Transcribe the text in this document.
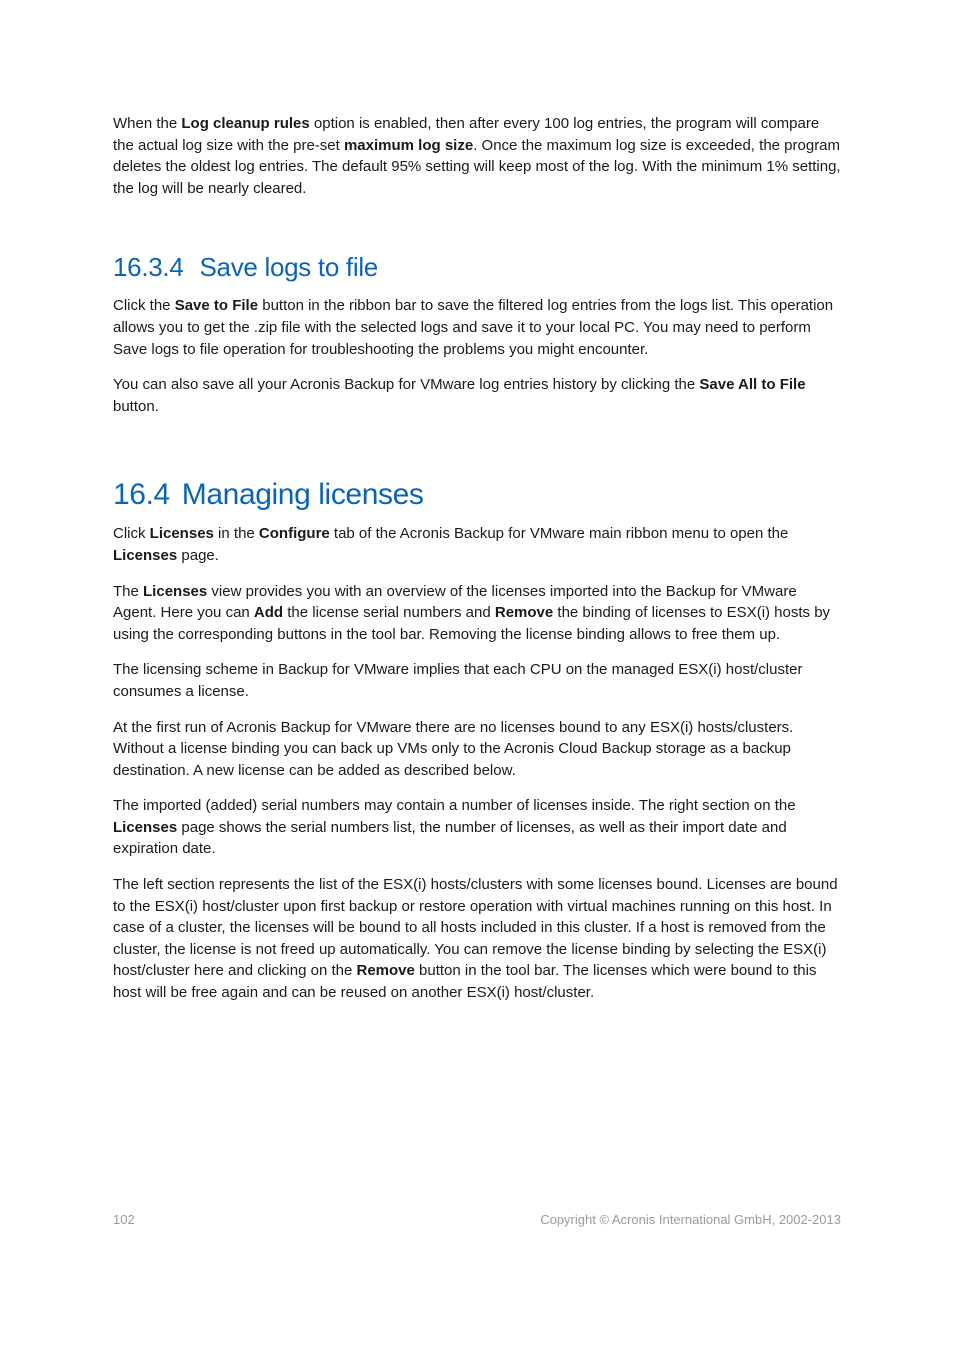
When the Log cleanup rules option is enabled, then after every 100 log entries, the program will compare the actual log size with the pre-set maximum log size. Once the maximum log size is exceeded, the program deletes the oldest log entries. The default 95% setting will keep most of the log. With the minimum 1% setting, the log will be nearly cleared.

16.3.4 Save logs to file

Click the Save to File button in the ribbon bar to save the filtered log entries from the logs list. This operation allows you to get the .zip file with the selected logs and save it to your local PC. You may need to perform Save logs to file operation for troubleshooting the problems you might encounter.

You can also save all your Acronis Backup for VMware log entries history by clicking the Save All to File button.

16.4 Managing licenses

Click Licenses in the Configure tab of the Acronis Backup for VMware main ribbon menu to open the Licenses page.

The Licenses view provides you with an overview of the licenses imported into the Backup for VMware Agent. Here you can Add the license serial numbers and Remove the binding of licenses to ESX(i) hosts by using the corresponding buttons in the tool bar. Removing the license binding allows to free them up.

The licensing scheme in Backup for VMware implies that each CPU on the managed ESX(i) host/cluster consumes a license.

At the first run of Acronis Backup for VMware there are no licenses bound to any ESX(i) hosts/clusters. Without a license binding you can back up VMs only to the Acronis Cloud Backup storage as a backup destination. A new license can be added as described below.

The imported (added) serial numbers may contain a number of licenses inside. The right section on the Licenses page shows the serial numbers list, the number of licenses, as well as their import date and expiration date.

The left section represents the list of the ESX(i) hosts/clusters with some licenses bound. Licenses are bound to the ESX(i) host/cluster upon first backup or restore operation with virtual machines running on this host. In case of a cluster, the licenses will be bound to all hosts included in this cluster. If a host is removed from the cluster, the license is not freed up automatically. You can remove the license binding by selecting the ESX(i) host/cluster here and clicking on the Remove button in the tool bar. The licenses which were bound to this host will be free again and can be reused on another ESX(i) host/cluster.

102	Copyright © Acronis International GmbH, 2002-2013
